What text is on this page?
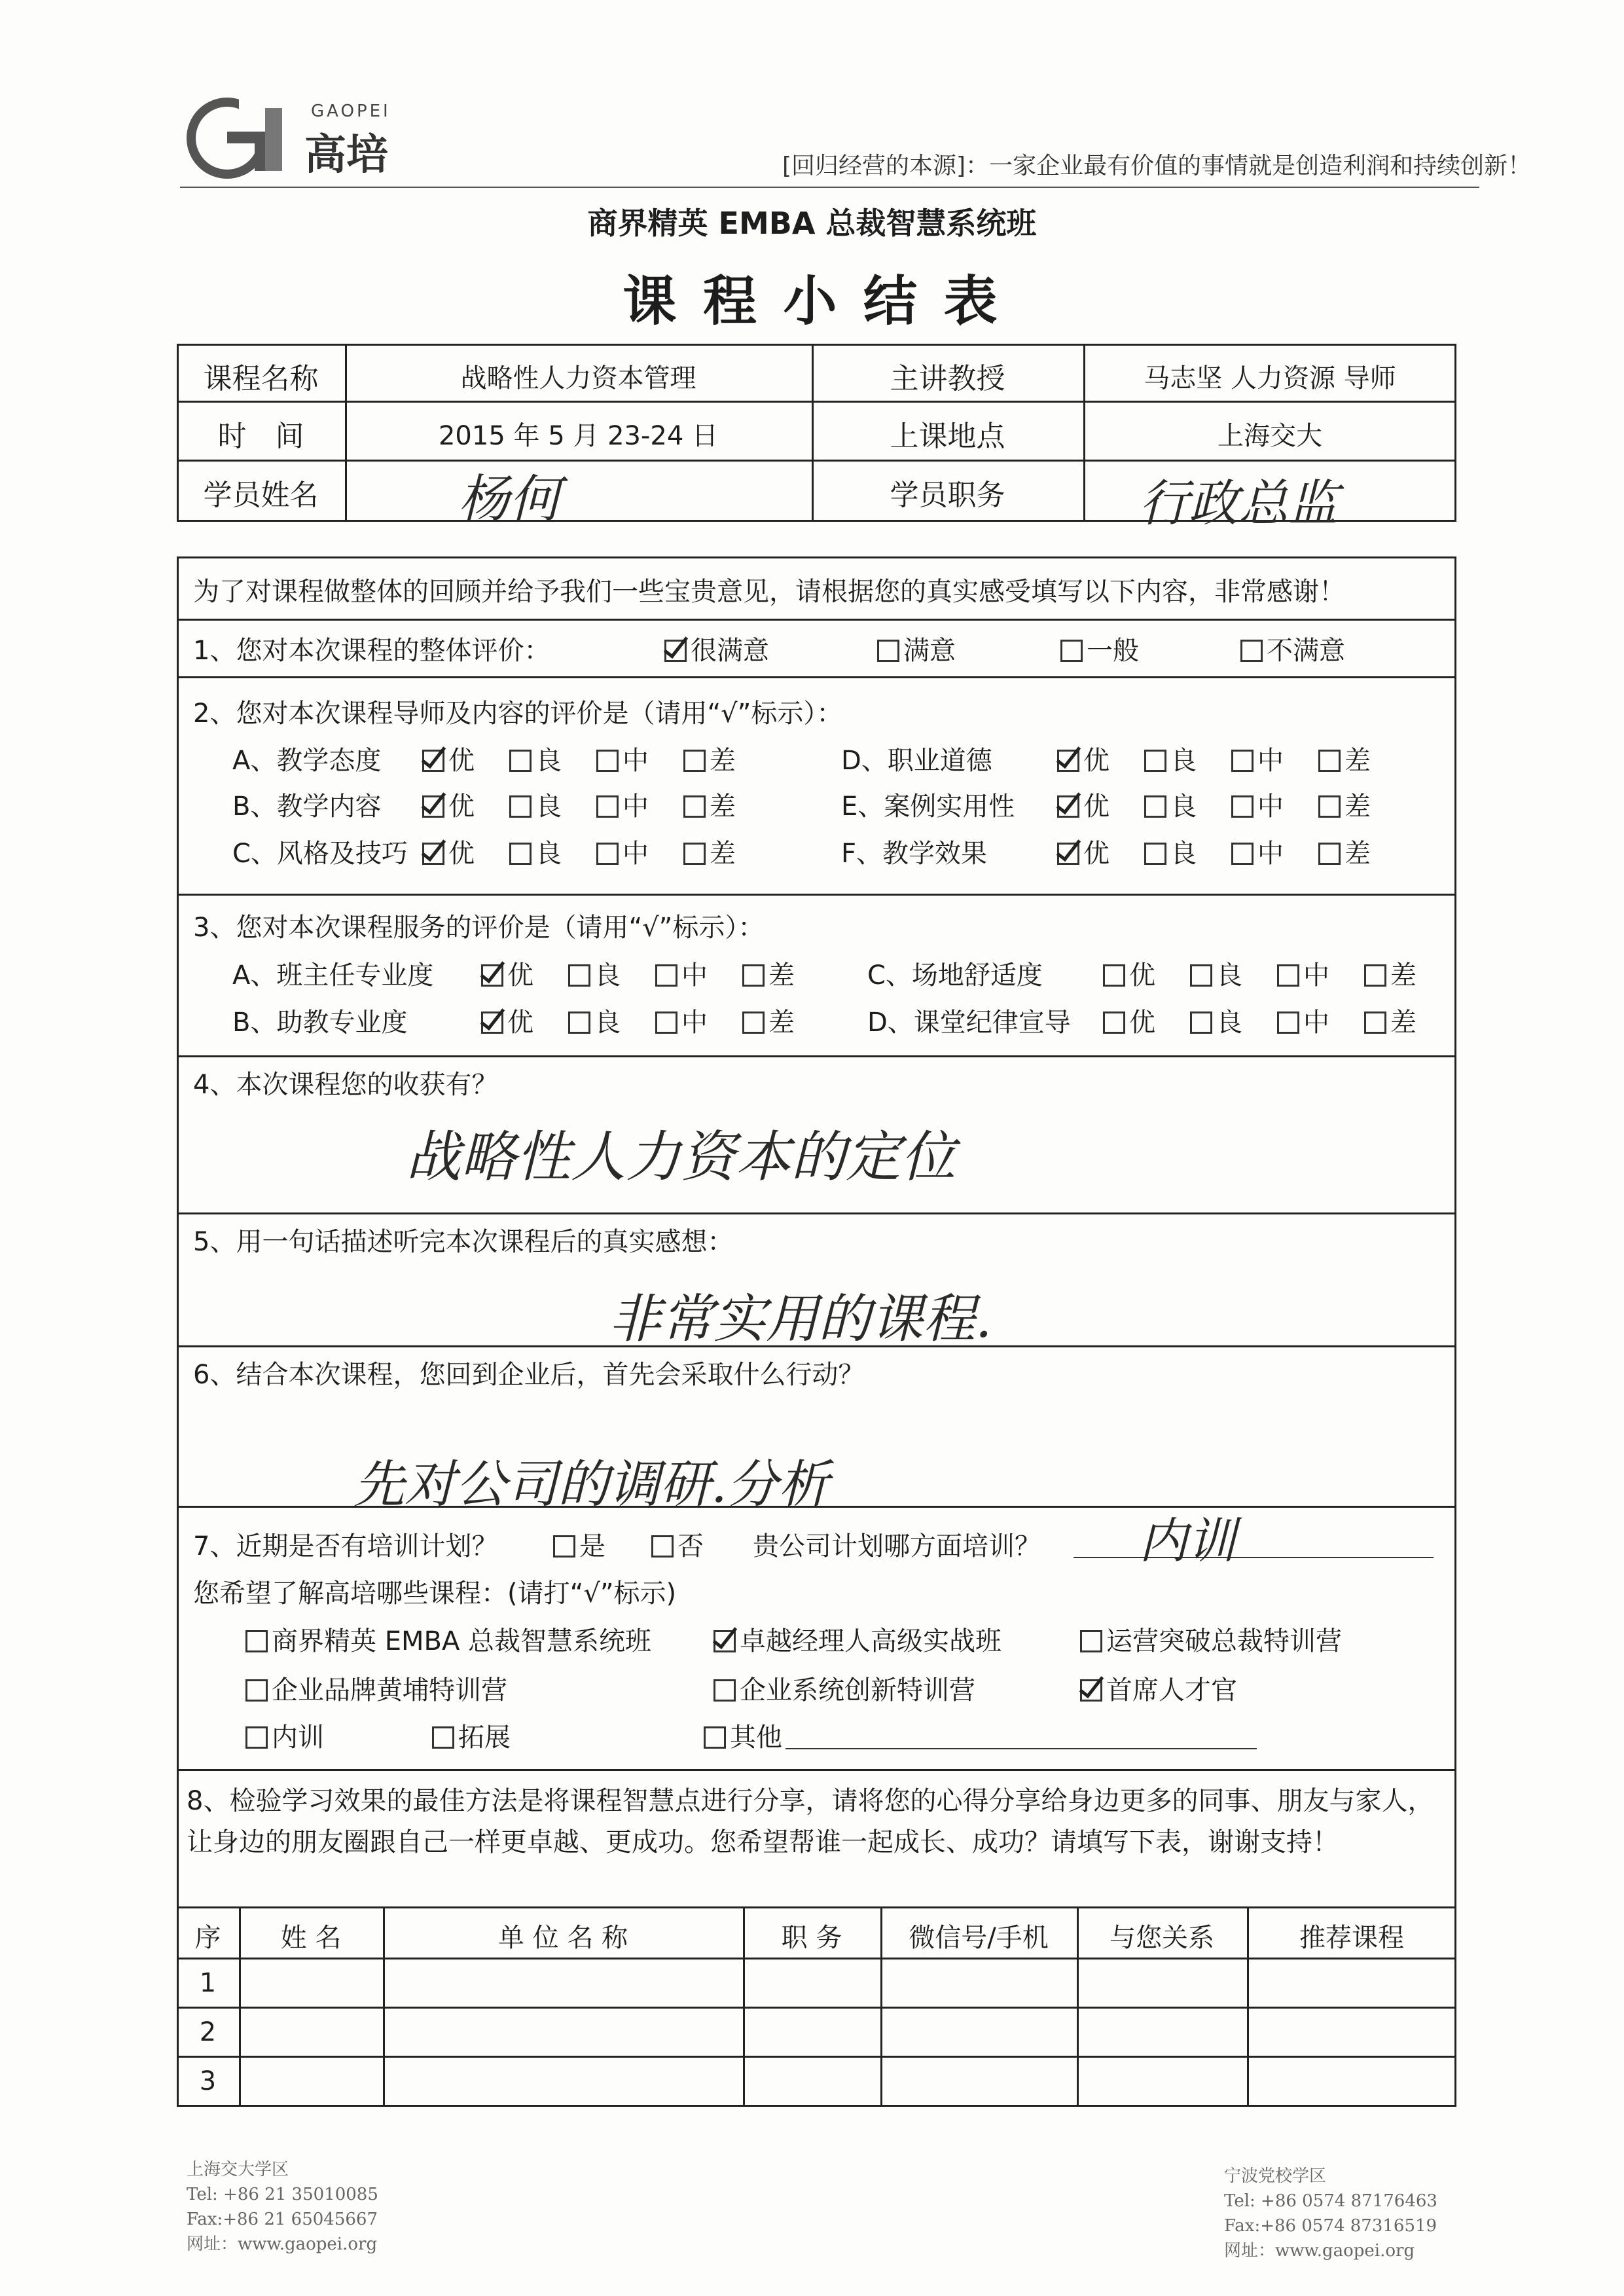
GAOPEI
高培	[回归经营的本源]：一家企业最有价值的事情就是创造利润和持续创新！
商界精英 EMBA 总裁智慧系统班
课 程 小 结 表
课程名称	战略性人力资本管理	主讲教授	马志坚 人力资源 导师
时　间	2015 年 5 月 23-24 日	上课地点	上海交大
学员姓名	杨何	学员职务	行政总监
为了对课程做整体的回顾并给予我们一些宝贵意见，请根据您的真实感受填写以下内容，非常感谢！
1、您对本次课程的整体评价：	很满意	满意	一般	不满意
2、您对本次课程导师及内容的评价是（请用“√”标示）：
A、教学态度	优	良	中	差
B、教学内容	优	良	中	差
C、风格及技巧	优	良	中	差
D、职业道德	优	良	中	差
E、案例实用性	优	良	中	差
F、教学效果	优	良	中	差
3、您对本次课程服务的评价是（请用“√”标示）：
A、班主任专业度	优	良	中	差
B、助教专业度	优	良	中	差
C、场地舒适度	优	良	中	差
D、课堂纪律宣导	优	良	中	差
4、本次课程您的收获有？
战略性人力资本的定位
5、用一句话描述听完本次课程后的真实感想：
非常实用的课程.
6、结合本次课程，您回到企业后，首先会采取什么行动？
先对公司的调研.分析
7、近期是否有培训计划？	是	否 贵公司计划哪方面培训？ 内训
您希望了解高培哪些课程：(请打“√”标示)
商界精英 EMBA 总裁智慧系统班	卓越经理人高级实战班	运营突破总裁特训营
企业品牌黄埔特训营	企业系统创新特训营	首席人才官
内训	拓展	其他
8、检验学习效果的最佳方法是将课程智慧点进行分享，请将您的心得分享给身边更多的同事、朋友与家人，让身边的朋友圈跟自己一样更卓越、更成功。您希望帮谁一起成长、成功？请填写下表，谢谢支持！
序	姓 名	单 位 名 称	职 务	微信号/手机	与您关系	推荐课程
1
2
3
上海交大学区
Tel: +86 21 35010085
Fax:+86 21 65045667
网址：www.gaopei.org
宁波党校学区
Tel: +86 0574 87176463
Fax:+86 0574 87316519
网址：www.gaopei.org
